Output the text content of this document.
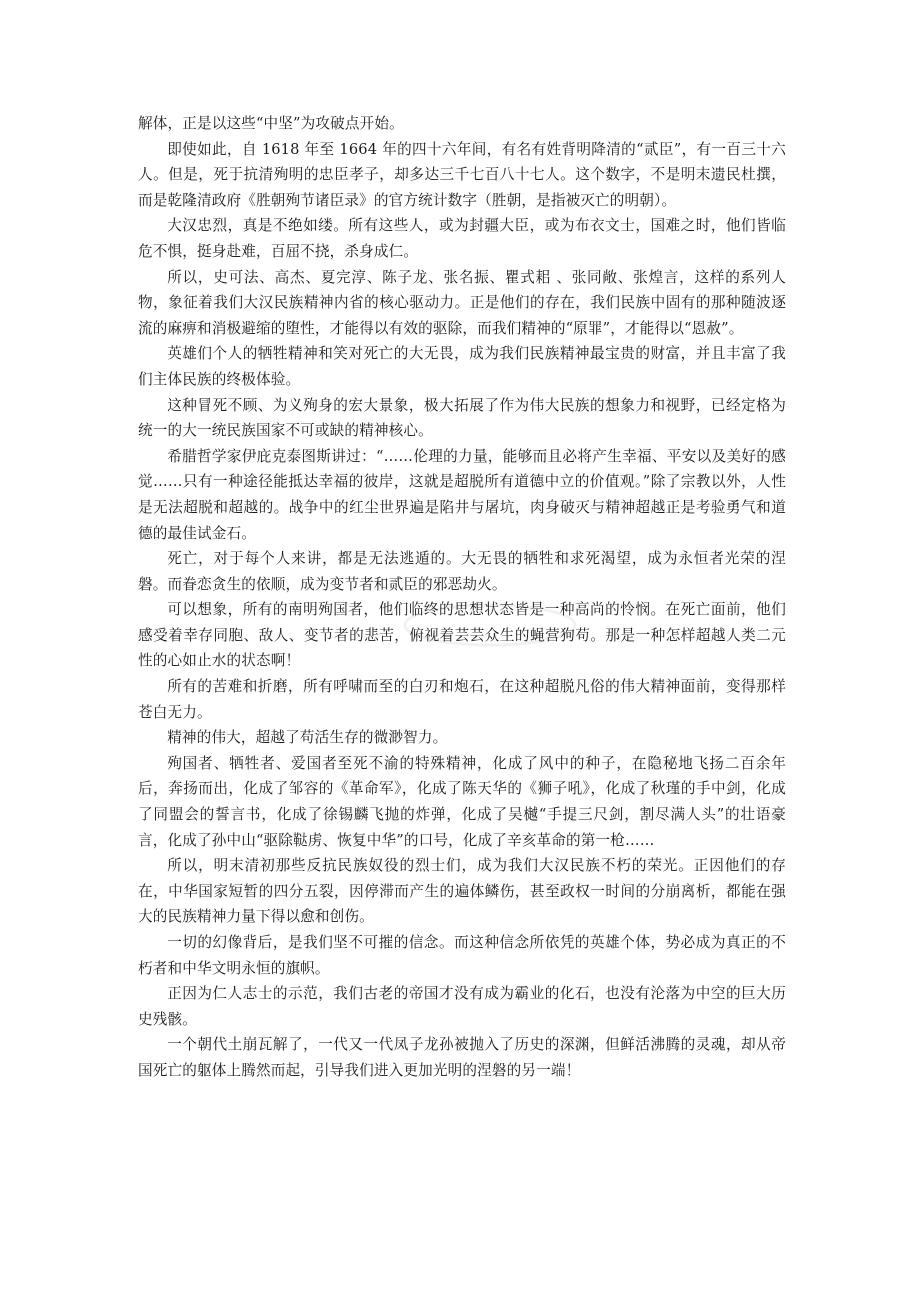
解体，正是以这些“中坚”为攻破点开始。

即使如此，自 1618 年至 1664 年的四十六年间，有名有姓背明降清的“贰臣”，有一百三十六人。但是，死于抗清殉明的忠臣孝子，却多达三千七百八十七人。这个数字，不是明末遗民杜撰，而是乾隆清政府《胜朝殉节诸臣录》的官方统计数字（胜朝，是指被灭亡的明朝）。

大汉忠烈，真是不绝如缕。所有这些人，或为封疆大臣，或为布衣文士，国难之时，他们皆临危不惧，挺身赴难，百屈不挠，杀身成仁。

所以，史可法、高杰、夏完淳、陈子龙、张名振、瞿式耜 、张同敞、张煌言，这样的系列人物，象征着我们大汉民族精神内省的核心驱动力。正是他们的存在，我们民族中固有的那种随波逐流的麻痹和消极避缩的堕性，才能得以有效的驱除，而我们精神的“原罪”，才能得以“恩赦”。

英雄们个人的牺牲精神和笑对死亡的大无畏，成为我们民族精神最宝贵的财富，并且丰富了我们主体民族的终极体验。

这种冒死不顾、为义殉身的宏大景象，极大拓展了作为伟大民族的想象力和视野，已经定格为统一的大一统民族国家不可或缺的精神核心。

希腊哲学家伊庇克泰图斯讲过：“……伦理的力量，能够而且必将产生幸福、平安以及美好的感觉……只有一种途径能抵达幸福的彼岸，这就是超脱所有道德中立的价值观。”除了宗教以外，人性是无法超脱和超越的。战争中的红尘世界遍是陷井与屠坑，肉身破灭与精神超越正是考验勇气和道德的最佳试金石。

死亡，对于每个人来讲，都是无法逃遁的。大无畏的牺牲和求死渴望，成为永恒者光荣的涅磐。而眷恋贪生的依顺，成为变节者和贰臣的邪恶劫火。

可以想象，所有的南明殉国者，他们临终的思想状态皆是一种高尚的怜悯。在死亡面前，他们感受着幸存同胞、敌人、变节者的悲苦，俯视着芸芸众生的蝇营狗苟。那是一种怎样超越人类二元性的心如止水的状态啊！

所有的苦难和折磨，所有呼啸而至的白刃和炮石，在这种超脱凡俗的伟大精神面前，变得那样苍白无力。

精神的伟大，超越了苟活生存的微渺智力。

殉国者、牺牲者、爱国者至死不渝的特殊精神，化成了风中的种子，在隐秘地飞扬二百余年后，奔扬而出，化成了邹容的《革命军》，化成了陈天华的《狮子吼》，化成了秋瑾的手中剑，化成了同盟会的誓言书，化成了徐锡麟飞抛的炸弹，化成了吴樾“手提三尺剑，割尽满人头”的壮语豪言，化成了孙中山“驱除鞑虏、恢复中华”的口号，化成了辛亥革命的第一枪……

所以，明末清初那些反抗民族奴役的烈士们，成为我们大汉民族不朽的荣光。正因他们的存在，中华国家短暂的四分五裂，因停滞而产生的遍体鳞伤，甚至政权一时间的分崩离析，都能在强大的民族精神力量下得以愈和创伤。

一切的幻像背后，是我们坚不可摧的信念。而这种信念所依凭的英雄个体，势必成为真正的不朽者和中华文明永恒的旗帜。

正因为仁人志士的示范，我们古老的帝国才没有成为霸业的化石，也没有沦落为中空的巨大历史残骸。

一个朝代土崩瓦解了，一代又一代凤子龙孙被抛入了历史的深渊，但鲜活沸腾的灵魂，却从帝国死亡的躯体上腾然而起，引导我们进入更加光明的涅磐的另一端！
